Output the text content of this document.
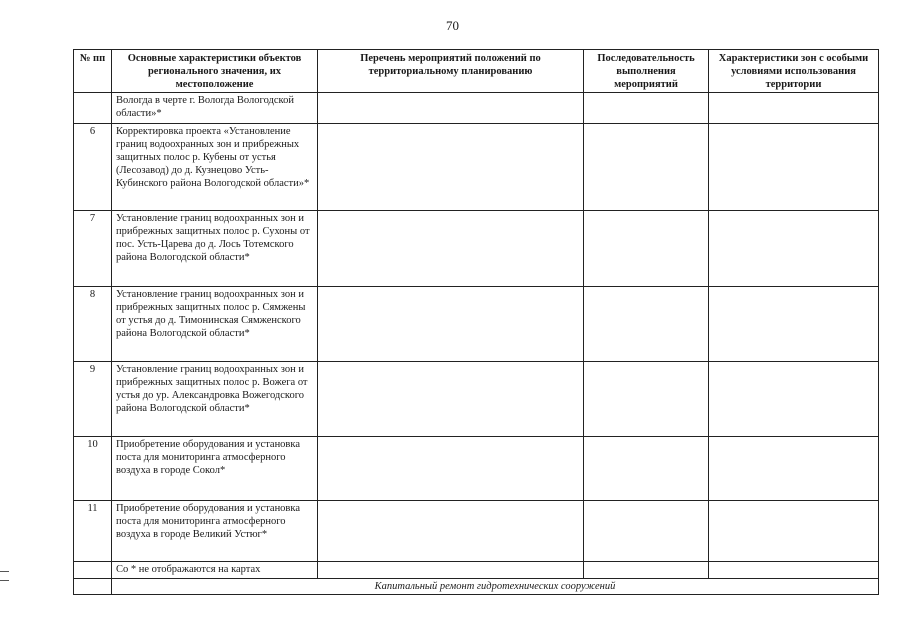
70
№ пп	Основные характеристики объектов регионального значения, их местоположение	Перечень мероприятий положений по территориальному планированию	Последовательность выполнения мероприятий	Характеристики зон с особыми условиями использования территории
	Вологда в черте г. Вологда Вологодской области»*			
6	Корректировка проекта «Установление границ водоохранных зон и прибрежных защитных полос р. Кубены от устья (Лесозавод) до д. Кузнецово Усть-Кубинского района Вологодской области»*			
7	Установление границ водоохранных зон и прибрежных защитных полос р. Сухоны от пос. Усть-Царева до д. Лось Тотемского района Вологодской области*			
8	Установление границ водоохранных зон и прибрежных защитных полос р. Сямжены от устья до д. Тимонинская Сямженского района Вологодской области*			
9	Установление границ водоохранных зон и прибрежных защитных полос р. Вожега от устья до ур. Александровка Вожегодского района Вологодской области*			
10	Приобретение оборудования и установка поста для мониторинга атмосферного воздуха в городе Сокол*			
11	Приобретение оборудования и установка поста для мониторинга атмосферного воздуха в городе Великий Устюг*			
	Со * не отображаются на картах			
	Капитальный ремонт гидротехнических сооружений			
